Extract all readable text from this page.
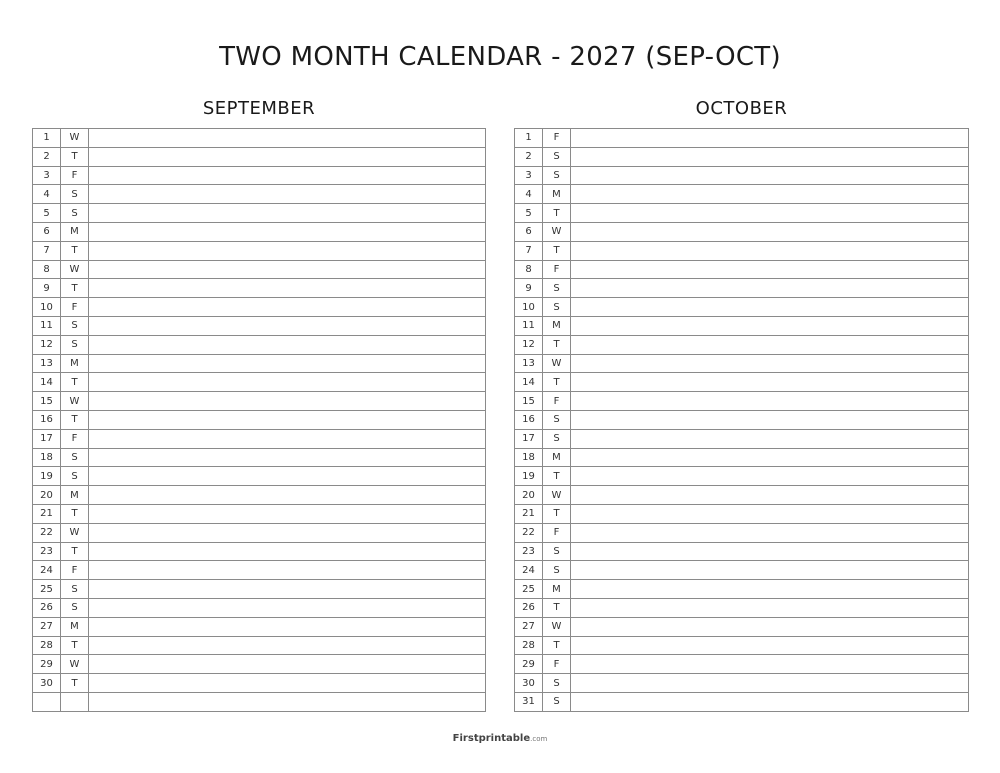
TWO MONTH CALENDAR - 2027 (SEP-OCT)
SEPTEMBER
1	W	
2	T	
3	F	
4	S	
5	S	
6	M	
7	T	
8	W	
9	T	
10	F	
11	S	
12	S	
13	M	
14	T	
15	W	
16	T	
17	F	
18	S	
19	S	
20	M	
21	T	
22	W	
23	T	
24	F	
25	S	
26	S	
27	M	
28	T	
29	W	
30	T	

OCTOBER
1	F	
2	S	
3	S	
4	M	
5	T	
6	W	
7	T	
8	F	
9	S	
10	S	
11	M	
12	T	
13	W	
14	T	
15	F	
16	S	
17	S	
18	M	
19	T	
20	W	
21	T	
22	F	
23	S	
24	S	
25	M	
26	T	
27	W	
28	T	
29	F	
30	S	
31	S	
Firstprintable.com
